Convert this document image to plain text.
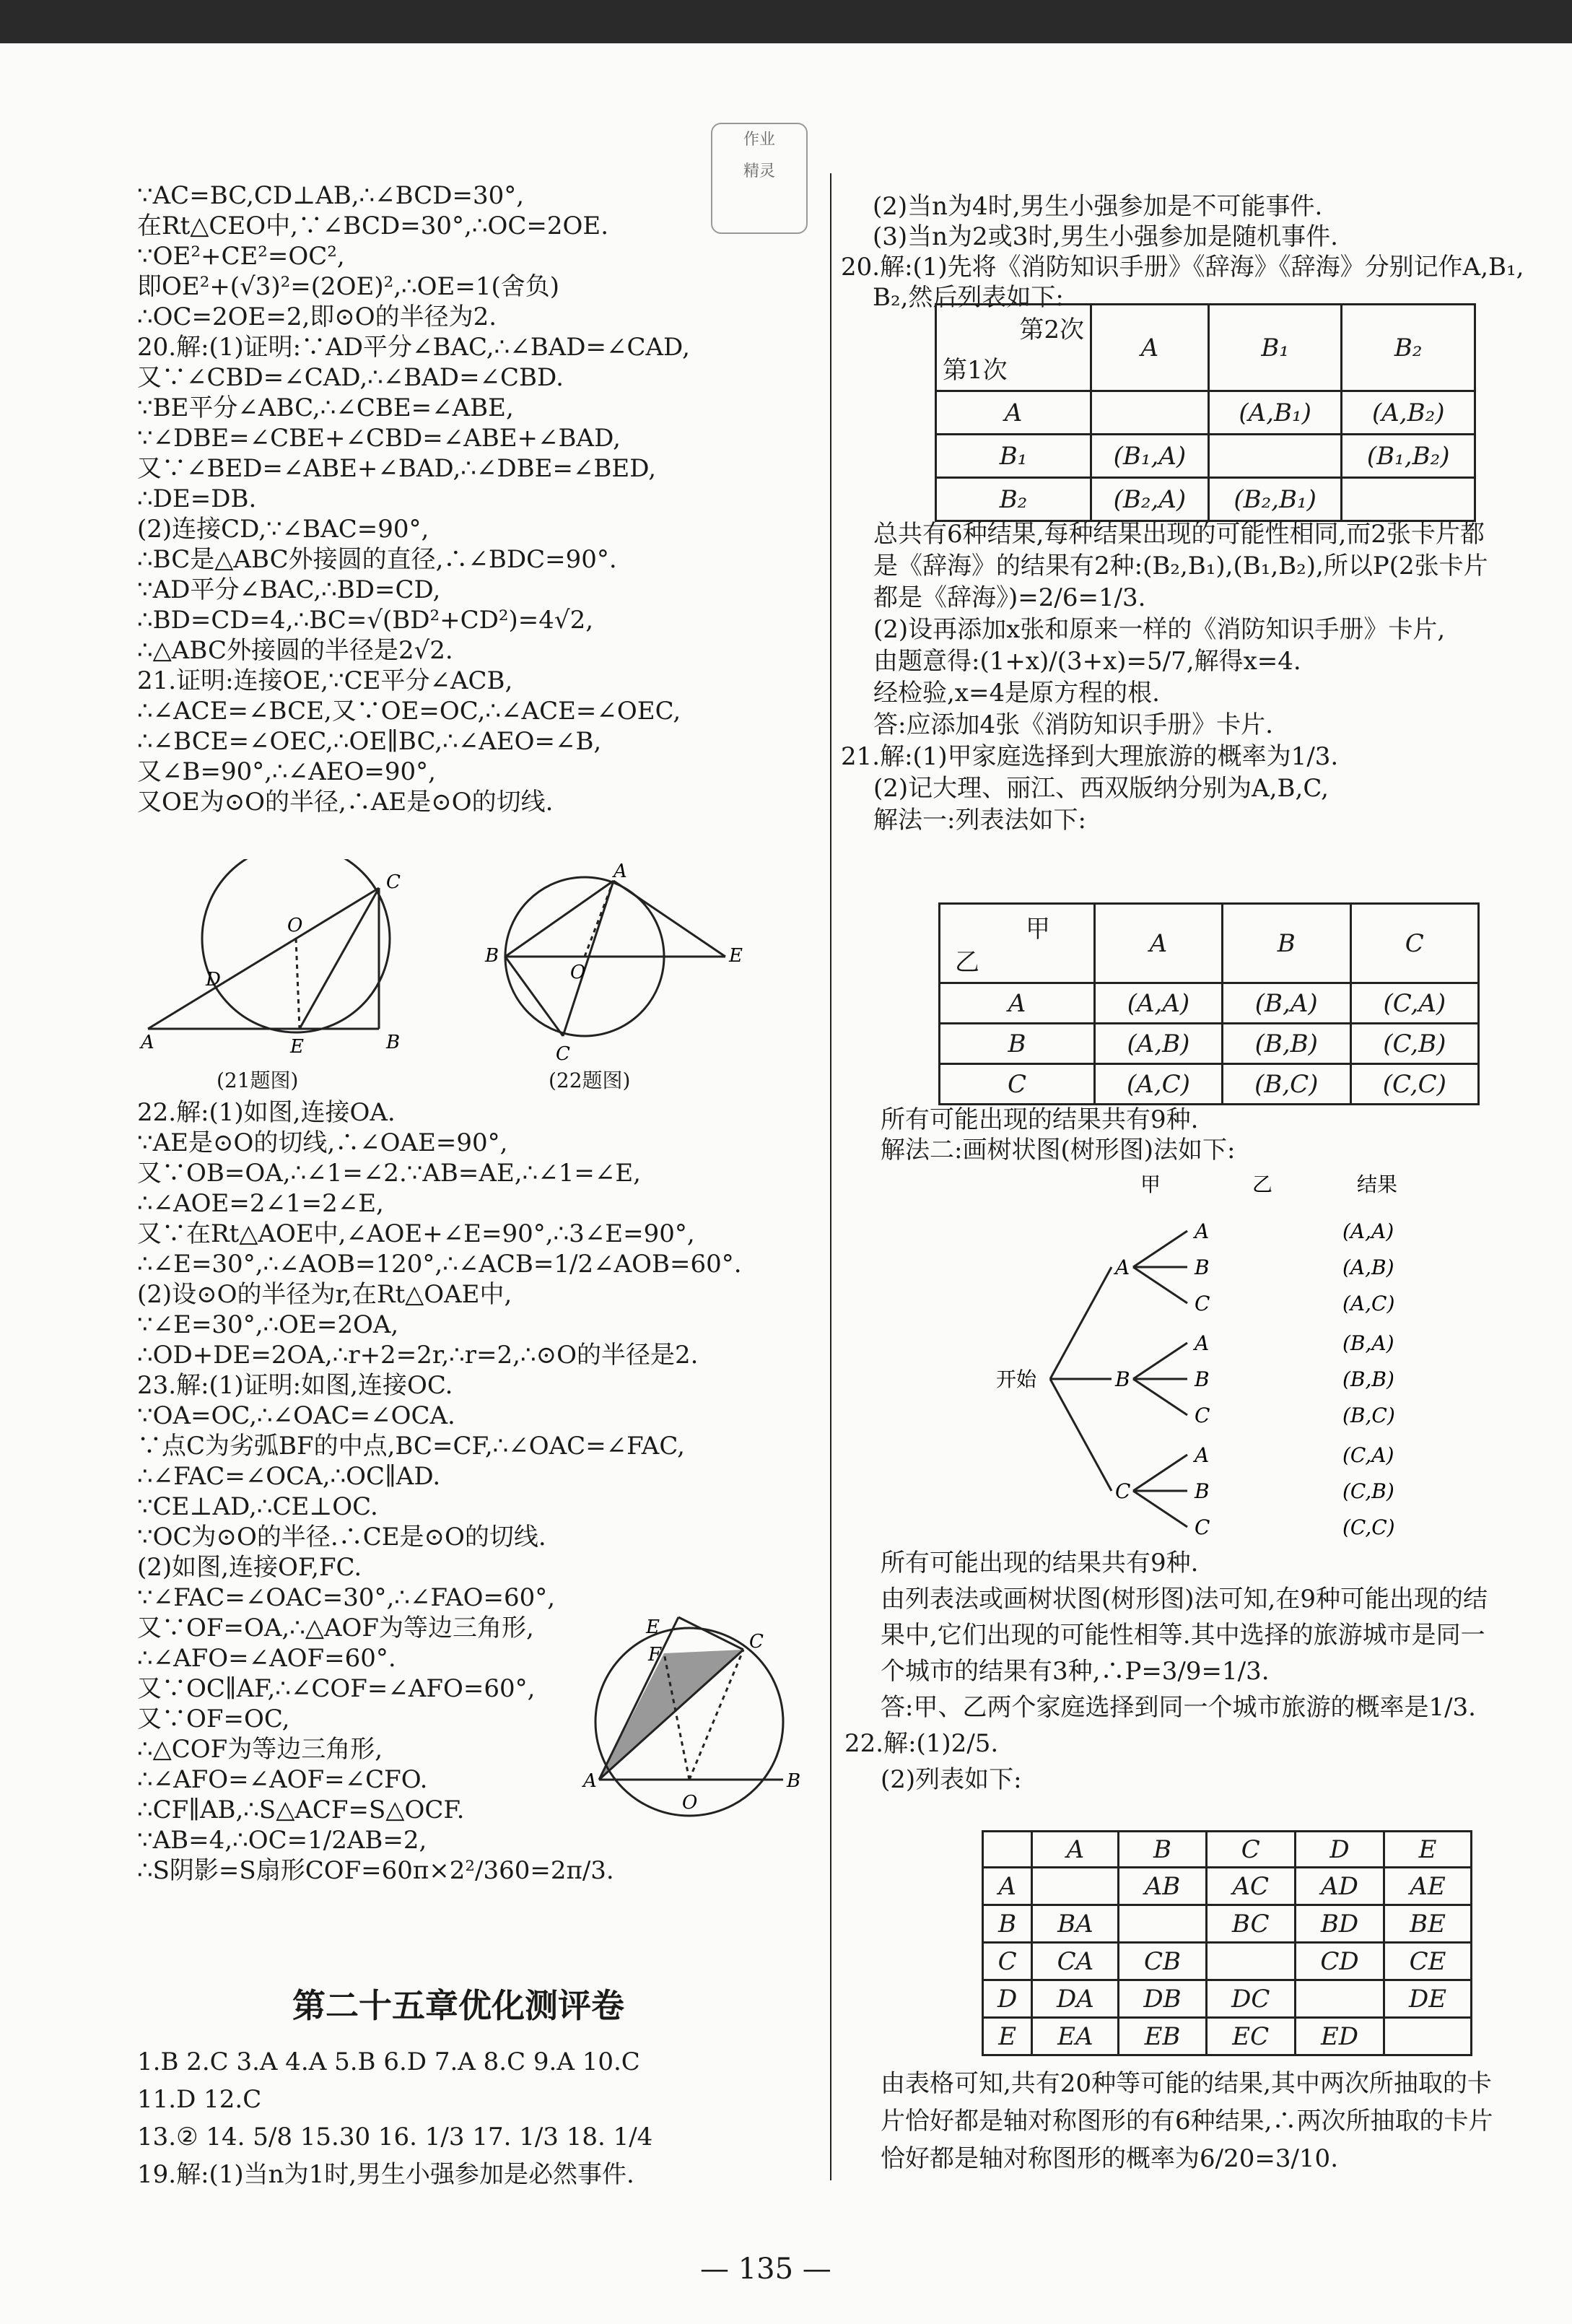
作业
精灵

∵AC=BC,CD⊥AB,∴∠BCD=30°,

在Rt△CEO中,∵∠BCD=30°,∴OC=2OE.

∵OE²+CE²=OC²,

即OE²+(√3)²=(2OE)²,∴OE=1(舍负)

∴OC=2OE=2,即⊙O的半径为2.

20.解:(1)证明:∵AD平分∠BAC,∴∠BAD=∠CAD,

又∵∠CBD=∠CAD,∴∠BAD=∠CBD.

∵BE平分∠ABC,∴∠CBE=∠ABE,

∵∠DBE=∠CBE+∠CBD=∠ABE+∠BAD,

又∵∠BED=∠ABE+∠BAD,∴∠DBE=∠BED,

∴DE=DB.

(2)连接CD,∵∠BAC=90°,

∴BC是△ABC外接圆的直径,∴∠BDC=90°.

∵AD平分∠BAC,∴BD=CD,

∴BD=CD=4,∴BC=√(BD²+CD²)=4√2,

∴△ABC外接圆的半径是2√2.

21.证明:连接OE,∵CE平分∠ACB,

∴∠ACE=∠BCE,又∵OE=OC,∴∠ACE=∠OEC,

∴∠BCE=∠OEC,∴OE∥BC,∴∠AEO=∠B,

又∠B=90°,∴∠AEO=90°,

又OE为⊙O的半径,∴AE是⊙O的切线.

A	B
C
D
E
O
A
B
C
O
E
(21题图)	(22题图)

22.解:(1)如图,连接OA.

∵AE是⊙O的切线,∴∠OAE=90°,

又∵OB=OA,∴∠1=∠2.∵AB=AE,∴∠1=∠E,

∴∠AOE=2∠1=2∠E,

又∵在Rt△AOE中,∠AOE+∠E=90°,∴3∠E=90°,

∴∠E=30°,∴∠AOB=120°,∴∠ACB=1/2∠AOB=60°.

(2)设⊙O的半径为r,在Rt△OAE中,

∵∠E=30°,∴OE=2OA,

∴OD+DE=2OA,∴r+2=2r,∴r=2,∴⊙O的半径是2.

23.解:(1)证明:如图,连接OC.

∵OA=OC,∴∠OAC=∠OCA.

∵点C为劣弧BF的中点,BC=CF,∴∠OAC=∠FAC,

∴∠FAC=∠OCA,∴OC∥AD.

∵CE⊥AD,∴CE⊥OC.

∵OC为⊙O的半径.∴CE是⊙O的切线.

(2)如图,连接OF,FC.

∵∠FAC=∠OAC=30°,∴∠FAO=60°,

又∵OF=OA,∴△AOF为等边三角形,

∴∠AFO=∠AOF=60°.

又∵OC∥AF,∴∠COF=∠AFO=60°,

又∵OF=OC,

∴△COF为等边三角形,

∴∠AFO=∠AOF=∠CFO.

∴CF∥AB,∴S△ACF=S△OCF.

∵AB=4,∴OC=1/2AB=2,

∴S阴影=S扇形COF=60π×2²/360=2π/3.

A	B
C
E
F
O
第二十五章优化测评卷

1.B 2.C 3.A 4.A 5.B 6.D 7.A 8.C 9.A 10.C

11.D 12.C

13.② 14. 5/8 15.30 16. 1/3 17. 1/3 18. 1/4

19.解:(1)当n为1时,男生小强参加是必然事件.

(2)当n为4时,男生小强参加是不可能事件.

(3)当n为2或3时,男生小强参加是随机事件.

20.解:(1)先将《消防知识手册》《辞海》《辞海》分别记作A,B₁,

B₂,然后列表如下:

第2次
第1次	A	B₁	B₂
A		(A,B₁)	(A,B₂)
B₁	(B₁,A)		(B₁,B₂)
B₂	(B₂,A)	(B₂,B₁)	

总共有6种结果,每种结果出现的可能性相同,而2张卡片都

是《辞海》的结果有2种:(B₂,B₁),(B₁,B₂),所以P(2张卡片

都是《辞海》)=2/6=1/3.

(2)设再添加x张和原来一样的《消防知识手册》卡片,

由题意得:(1+x)/(3+x)=5/7,解得x=4.

经检验,x=4是原方程的根.

答:应添加4张《消防知识手册》卡片.

21.解:(1)甲家庭选择到大理旅游的概率为1/3.

(2)记大理、丽江、西双版纳分别为A,B,C,

解法一:列表法如下:

甲
乙	A	B	C
A	(A,A)	(B,A)	(C,A)
B	(A,B)	(B,B)	(C,B)
C	(A,C)	(B,C)	(C,C)

所有可能出现的结果共有9种.

解法二:画树状图(树形图)法如下:

甲	乙	结果
开始
A
A	(A,A)
B	(A,B)
C	(A,C)
B
A	(B,A)
B	(B,B)
C	(B,C)
C
A	(C,A)
B	(C,B)
C	(C,C)

所有可能出现的结果共有9种.

由列表法或画树状图(树形图)法可知,在9种可能出现的结

果中,它们出现的可能性相等.其中选择的旅游城市是同一

个城市的结果有3种,∴P=3/9=1/3.

答:甲、乙两个家庭选择到同一个城市旅游的概率是1/3.

22.解:(1)2/5.

(2)列表如下:

	A	B	C	D	E
A		AB	AC	AD	AE
B	BA		BC	BD	BE
C	CA	CB		CD	CE
D	DA	DB	DC		DE
E	EA	EB	EC	ED	

由表格可知,共有20种等可能的结果,其中两次所抽取的卡

片恰好都是轴对称图形的有6种结果,∴两次所抽取的卡片

恰好都是轴对称图形的概率为6/20=3/10.

— 135 —
